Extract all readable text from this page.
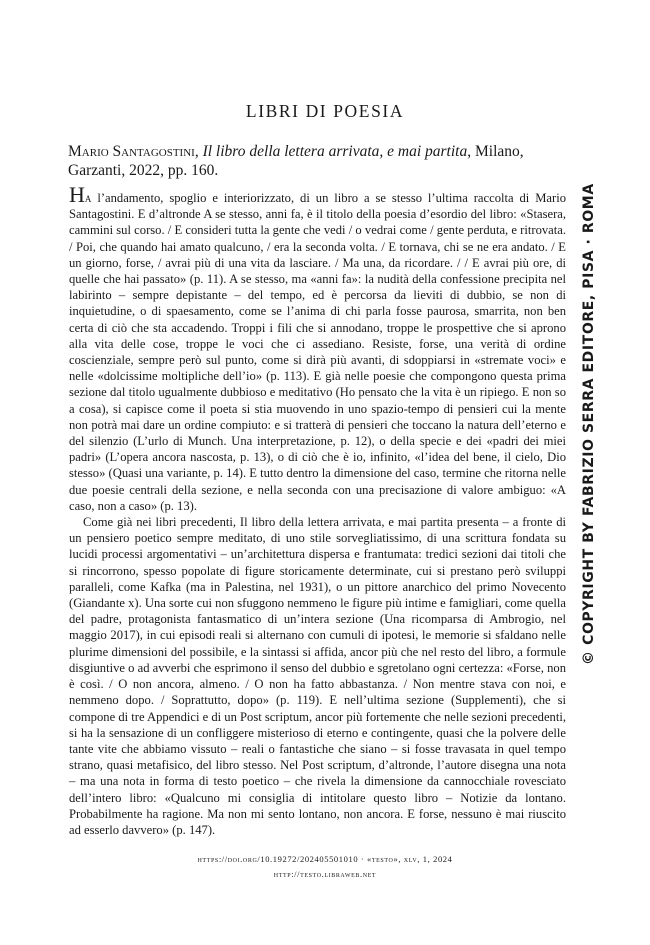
LIBRI DI POESIA

Mario Santagostini, Il libro della lettera arrivata, e mai partita, Milano, Garzanti, 2022, pp. 160.

Ha l’andamento, spoglio e interiorizzato, di un libro a se stesso l’ultima raccolta di Mario Santagostini. E d’altronde A se stesso, anni fa, è il titolo della poesia d’esordio del libro: «Stasera, cammini sul corso. / E consideri tutta la gente che vedi / o vedrai come / gente perduta, e ritrovata. / Poi, che quando hai amato qualcuno, / era la seconda volta. / E tornava, chi se ne era andato. / E un giorno, forse, / avrai più di una vita da lasciare. / Ma una, da ricordare. / / E avrai più ore, di quelle che hai passato» (p. 11). A se stesso, ma «anni fa»: la nudità della confessione precipita nel labirinto – sempre depistante – del tempo, ed è percorsa da lieviti di dubbio, se non di inquietudine, o di spaesamento, come se l’anima di chi parla fosse paurosa, smarrita, non ben certa di ciò che sta accadendo. Troppi i fili che si annodano, troppe le prospettive che si aprono alla vita delle cose, troppe le voci che ci assediano. Resiste, forse, una verità di ordine coscienziale, sempre però sul punto, come si dirà più avanti, di sdoppiarsi in «stremate voci» e nelle «dolcissime moltipliche dell’io» (p. 113). E già nelle poesie che compongono questa prima sezione dal titolo ugualmente dubbioso e meditativo (Ho pensato che la vita è un ripiego. E non so a cosa), si capisce come il poeta si stia muovendo in uno spazio-tempo di pensieri cui la mente non potrà mai dare un ordine compiuto: e si tratterà di pensieri che toccano la natura dell’eterno e del silenzio (L’urlo di Munch. Una interpretazione, p. 12), o della specie e dei «padri dei miei padri» (L’opera ancora nascosta, p. 13), o di ciò che è io, infinito, «l’idea del bene, il cielo, Dio stesso» (Quasi una variante, p. 14). E tutto dentro la dimensione del caso, termine che ritorna nelle due poesie centrali della sezione, e nella seconda con una precisazione di valore ambiguo: «A caso, non a caso» (p. 13).

Come già nei libri precedenti, Il libro della lettera arrivata, e mai partita presenta – a fronte di un pensiero poetico sempre meditato, di uno stile sorvegliatissimo, di una scrittura fondata su lucidi processi argomentativi – un’architettura dispersa e frantumata: tredici sezioni dai titoli che si rincorrono, spesso popolate di figure storicamente determinate, cui si prestano però sviluppi paralleli, come Kafka (ma in Palestina, nel 1931), o un pittore anarchico del primo Novecento (Giandante x). Una sorte cui non sfuggono nemmeno le figure più intime e famigliari, come quella del padre, protagonista fantasmatico di un’intera sezione (Una ricomparsa di Ambrogio, nel maggio 2017), in cui episodi reali si alternano con cumuli di ipotesi, le memorie si sfaldano nelle plurime dimensioni del possibile, e la sintassi si affida, ancor più che nel resto del libro, a formule disgiuntive o ad avverbi che esprimono il senso del dubbio e sgretolano ogni certezza: «Forse, non è così. / O non ancora, almeno. / O non ha fatto abbastanza. / Non mentre stava con noi, e nemmeno dopo. / Soprattutto, dopo» (p. 119). E nell’ultima sezione (Supplementi), che si compone di tre Appendici e di un Post scriptum, ancor più fortemente che nelle sezioni precedenti, si ha la sensazione di un confliggere misterioso di eterno e contingente, quasi che la polvere delle tante vite che abbiamo vissuto – reali o fantastiche che siano – si fosse travasata in quel tempo strano, quasi metafisico, del libro stesso. Nel Post scriptum, d’altronde, l’autore disegna una nota – ma una nota in forma di testo poetico – che rivela la dimensione da cannocchiale rovesciato dell’intero libro: «Qualcuno mi consiglia di intitolare questo libro – Notizie da lontano. Probabilmente ha ragione. Ma non mi sento lontano, non ancora. E forse, nessuno è mai riuscito ad esserlo davvero» (p. 147).

© COPYRIGHT BY FABRIZIO SERRA EDITORE, PISA · ROMA

https://doi.org/10.19272/202405501010 · «testo», xlv, 1, 2024

http://testo.libraweb.net
